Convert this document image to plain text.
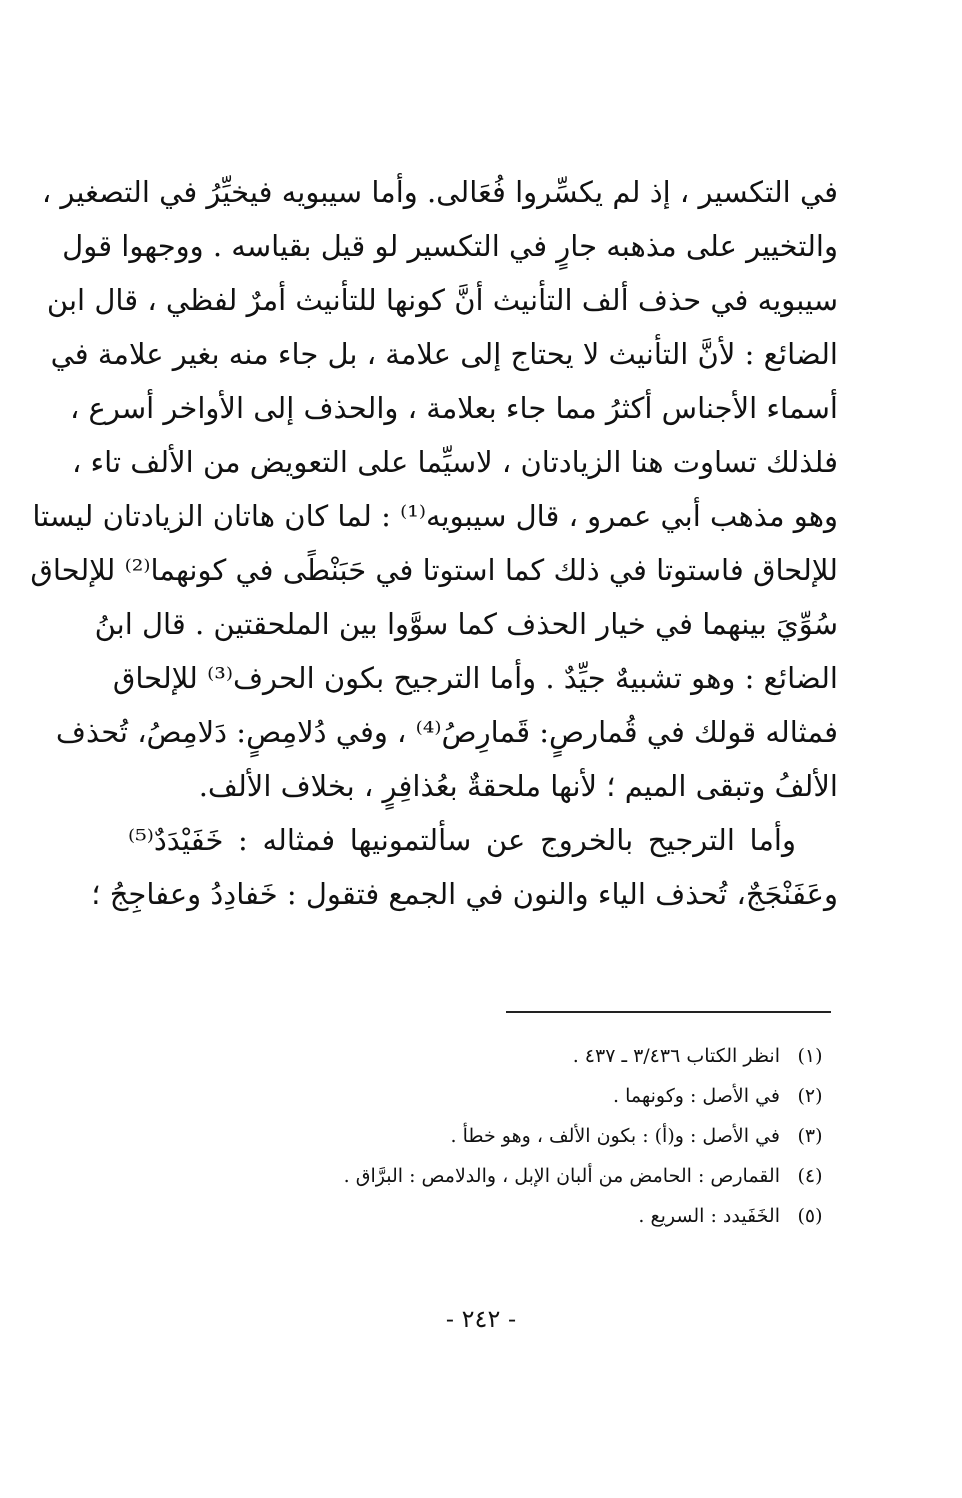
في التكسير ، إذ لم يكسِّروا فُعَالى. وأما سيبويه فيخيِّرُ في التصغير ،
والتخيير على مذهبه جارٍ في التكسير لو قيل بقياسه . ووجهوا قول
سيبويه في حذف ألف التأنيث أنَّ كونها للتأنيث أمرٌ لفظي ، قال ابن
الضائع : لأنَّ التأنيث لا يحتاج إلى علامة ، بل جاء منه بغير علامة في
أسماء الأجناس أكثرُ مما جاء بعلامة ، والحذف إلى الأواخر أسرع ،
فلذلك تساوت هنا الزيادتان ، لاسيِّما على التعويض من الألف تاء ،
وهو مذهب أبي عمرو ، قال سيبويه⁽¹⁾ : لما كان هاتان الزيادتان ليستا
للإلحاق فاستوتا في ذلك كما استوتا في حَبَنْطًى في كونهما⁽²⁾ للإلحاق
سُوِّيَ بينهما في خيار الحذف كما سوَّوا بين الملحقتين . قال ابنُ
الضائع : وهو تشبيهٌ جيِّدٌ . وأما الترجيح بكون الحرف⁽³⁾ للإلحاق
فمثاله قولك في قُمارصٍ: قَمارِصُ⁽⁴⁾ ، وفي دُلامِصٍ: دَلامِصُ، تُحذف
الألفُ وتبقى الميم ؛ لأنها ملحقةٌ بعُذافِرٍ ، بخلاف الألف.
وأما الترجيح بالخروج عن سألتمونيها فمثاله : خَفَيْدَدٌ⁽⁵⁾
وعَفَنْجَجٌ، تُحذف الياء والنون في الجمع فتقول : خَفادِدُ وعفاجِجُ ؛
(١)انظر الكتاب ٣/٤٣٦ ـ ٤٣٧ .
(٢)في الأصل : وكونهما .
(٣)في الأصل : و(أ) : بكون الألف ، وهو خطأ .
(٤)القمارص : الحامض من ألبان الإبل ، والدلامص : البرَّاق .
(٥)الخَفَيدد : السريع .
- ٢٤٢ -
